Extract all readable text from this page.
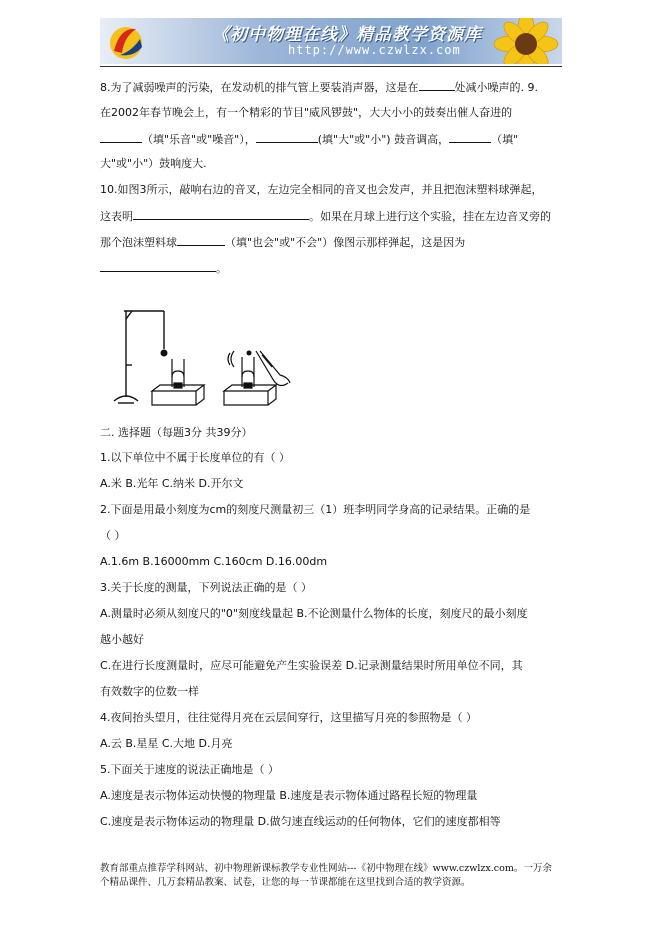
《初中物理在线》精品教学资源库
http://www.czwlzx.com
8.为了减弱噪声的污染，在发动机的排气管上要装消声器，这是在	处减小噪声的. 9.
在2002年春节晚会上，有一个精彩的节目"威风锣鼓"，大大小小的鼓奏出催人奋进的
（填"乐音"或"噪音"），	(填"大"或"小") 鼓音调高，	（填"
大"或"小"）鼓响度大.
10.如图3所示，敲响右边的音叉，左边完全相同的音叉也会发声，并且把泡沫塑料球弹起，
这表明	。如果在月球上进行这个实验，挂在左边音叉旁的
那个泡沫塑料球	（填"也会"或"不会"）像图示那样弹起，这是因为
。
二. 选择题（每题3分 共39分）
1.以下单位中不属于长度单位的有（ ）
A.米 B.光年 C.纳米 D.开尔文
2.下面是用最小刻度为cm的刻度尺测量初三（1）班李明同学身高的记录结果。正确的是
（ ）
A.1.6m B.16000mm C.160cm D.16.00dm
3.关于长度的测量，下列说法正确的是（ ）
A.测量时必须从刻度尺的"0"刻度线量起 B.不论测量什么物体的长度，刻度尺的最小刻度
越小越好
C.在进行长度测量时，应尽可能避免产生实验误差 D.记录测量结果时所用单位不同，其
有效数字的位数一样
4.夜间抬头望月，往往觉得月亮在云层间穿行，这里描写月亮的参照物是（ ）
A.云 B.星星 C.大地 D.月亮
5.下面关于速度的说法正确地是（ ）
A.速度是表示物体运动快慢的物理量 B.速度是表示物体通过路程长短的物理量
C.速度是表示物体运动的物理量 D.做匀速直线运动的任何物体，它们的速度都相等
教育部重点推荐学科网站、初中物理新课标教学专业性网站---《初中物理在线》www.czwlzx.com。一万余
个精品课件、几万套精品教案、试卷，让您的每一节课都能在这里找到合适的教学资源。
